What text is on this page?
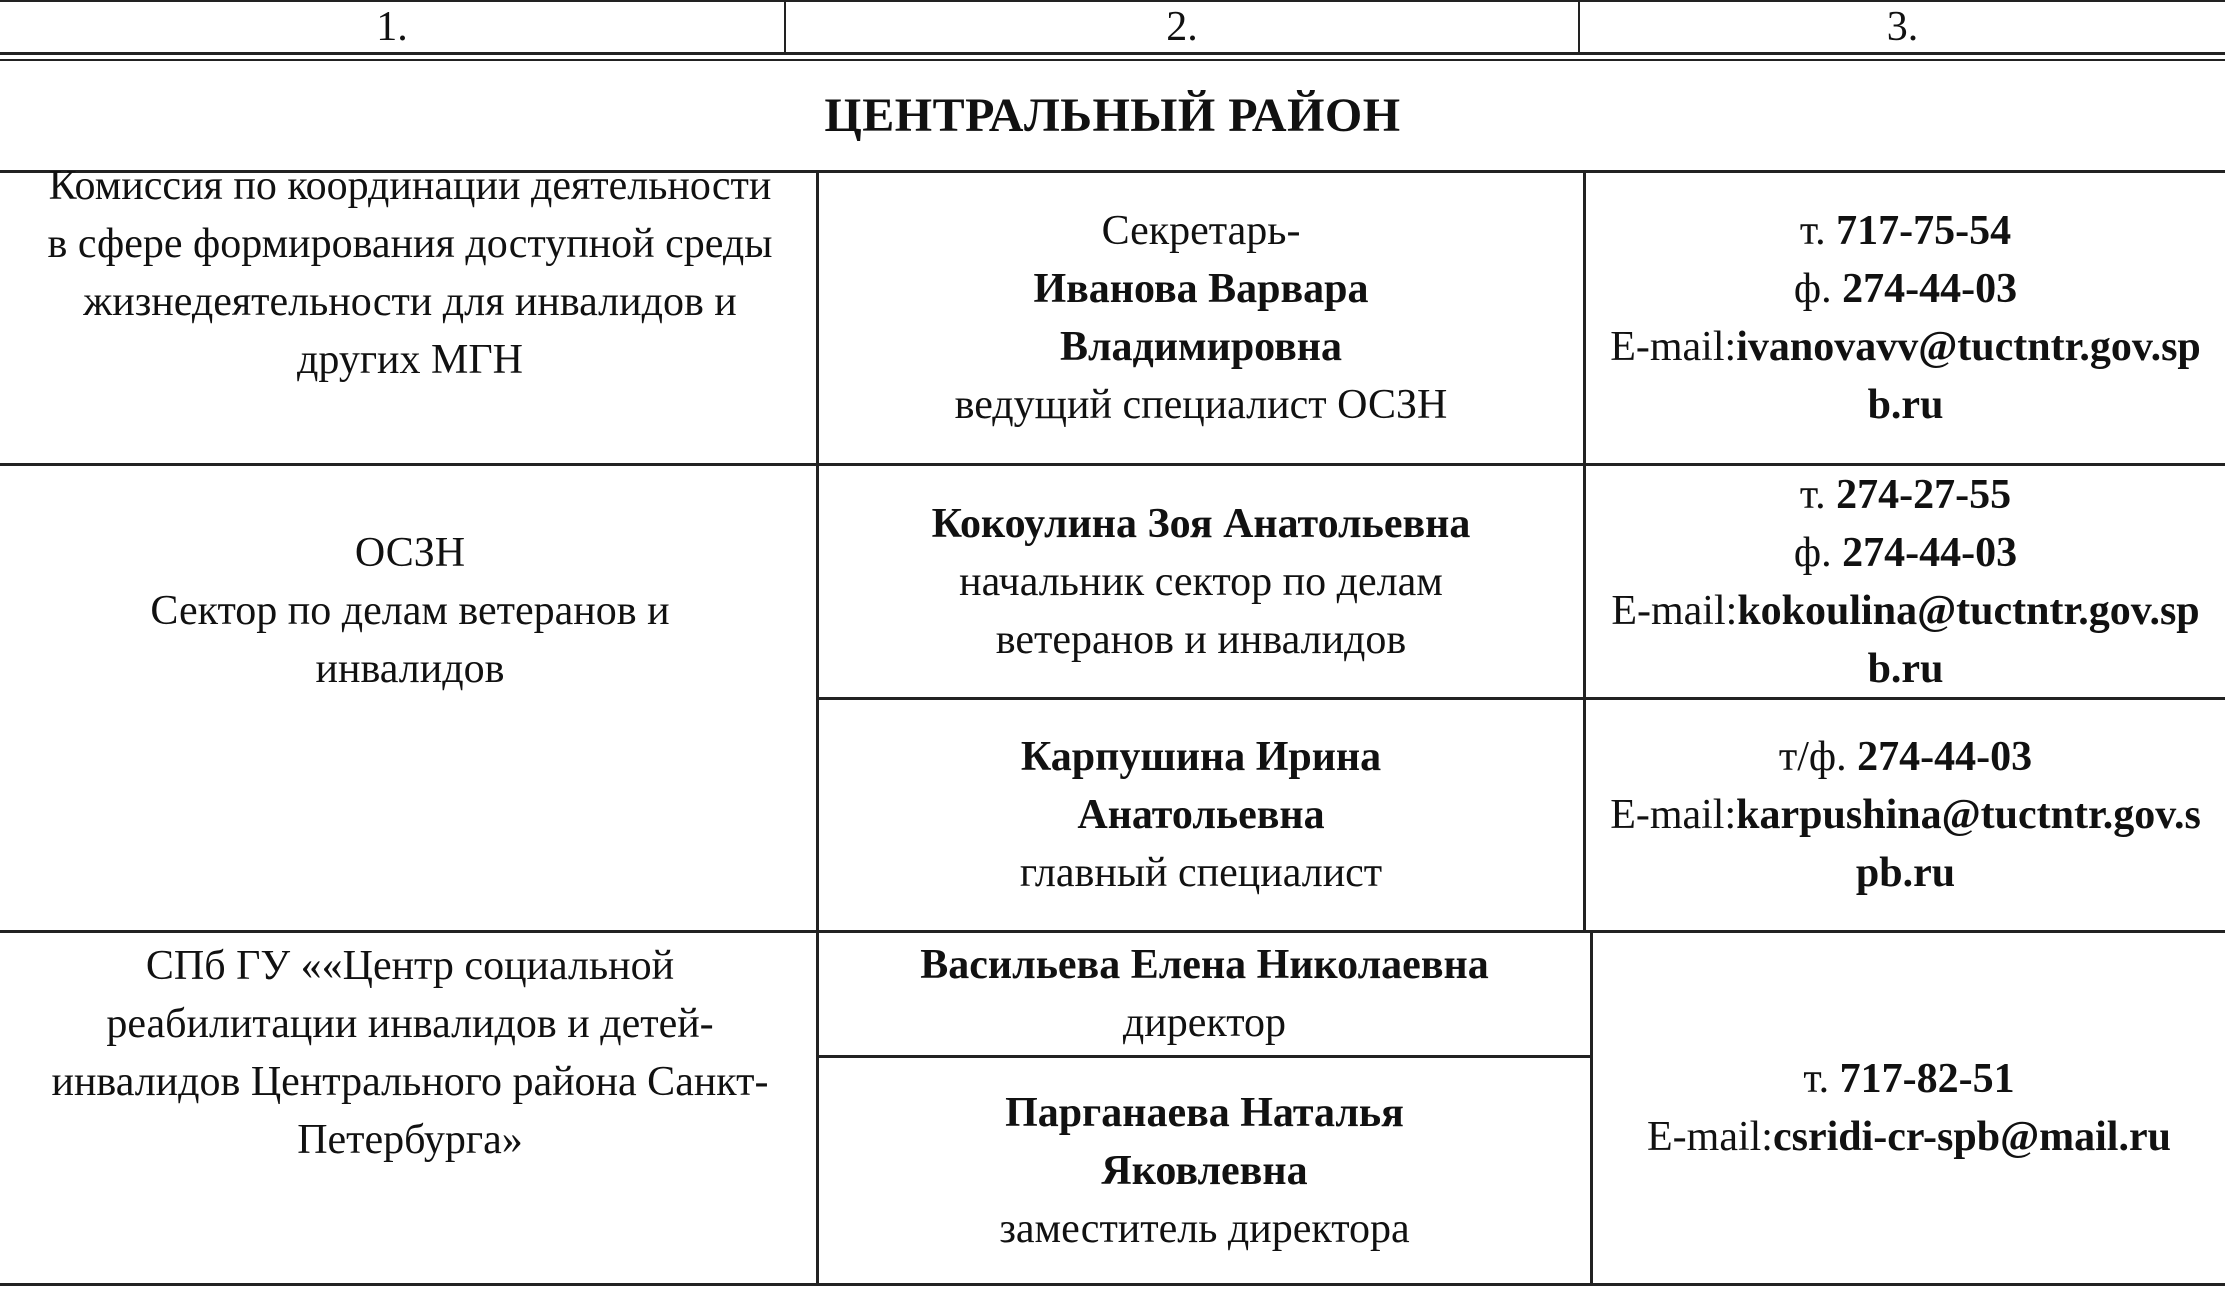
1.	2.	3.
ЦЕНТРАЛЬНЫЙ РАЙОН
Комиссия по координации деятельности в сфере формирования доступной среды жизнедеятельности для инвалидов и других МГН
Секретарь-
Иванова Варвара Владимировна
ведущий специалист ОСЗН
т. 717-75-54
ф. 274-44-03
E-mail:ivanovavv@tuctntr.gov.spb.ru
ОСЗН
Сектор по делам ветеранов и инвалидов
Кокоулина Зоя Анатольевна
начальник сектор по делам ветеранов и инвалидов
т. 274-27-55
ф. 274-44-03
E-mail:kokoulina@tuctntr.gov.spb.ru
Карпушина Ирина Анатольевна
главный специалист
т/ф. 274-44-03
E-mail:karpushina@tuctntr.gov.spb.ru
СПб ГУ ««Центр социальной реабилитации инвалидов и детей-инвалидов Центрального района Санкт-Петербурга»
Васильева Елена Николаевна
директор
Парганаева Наталья Яковлевна
заместитель директора
т. 717-82-51
E-mail:csridi-cr-spb@mail.ru
